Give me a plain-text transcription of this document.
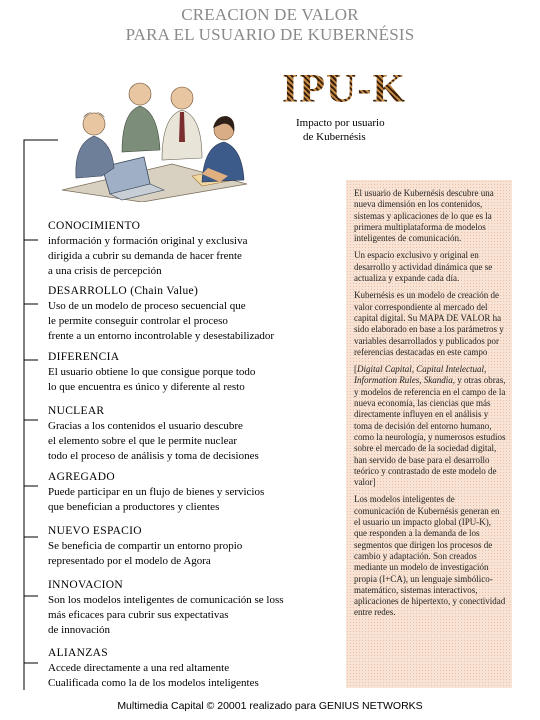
CREACION DE VALOR
PARA EL USUARIO DE KUBERNÉSIS
IPU-K
Impacto por usuario
de Kubernésis
CONOCIMIENTO
información y formación original y exclusiva
dirigida a cubrir su demanda de hacer frente
a una crisis de percepción
DESARROLLO (Chain Value)
Uso de un modelo de proceso secuencial que
le permite conseguir controlar el proceso
frente a un entorno incontrolable y desestabilizador
DIFERENCIA
El usuario obtiene lo que consigue porque todo
lo que encuentra es único y diferente al resto
NUCLEAR
Gracias a los contenidos el usuario descubre
el elemento sobre el que le permite nuclear
todo el proceso de análisis y toma de decisiones
AGREGADO
Puede participar en un flujo de bienes y servicios
que benefician a productores y clientes
NUEVO ESPACIO
Se beneficia de compartir un entorno propio
representado por el modelo de Agora
INNOVACION
Son los modelos inteligentes de comunicación se loss
más eficaces para cubrir sus expectativas
de innovación
ALIANZAS
Accede directamente a una red altamente
Cualificada como la de los modelos inteligentes

El usuario de Kubernésis descubre una nueva dimensión en los contenidos, sistemas y aplicaciones de lo que es la primera multiplataforma de modelos inteligentes de comunicación.

Un espacio exclusivo y original en desarrollo y actividad dinámica que se actualiza y expande cada día.

Kubernésis es un modelo de creación de valor correspondiente al mercado del capital digital. Su MAPA DE VALOR ha sido elaborado en base a los parámetros y variables desarrollados y publicados por referencias destacadas en este campo

[Digital Capital, Capital Intelectual, Information Rules, Skandia, y otras obras, y modelos de referencia en el campo de la nueva economía, las ciencias que más directamente influyen en el análisis y toma de decisión del entorno humano, como la neurología, y numerosos estudios sobre el mercado de la sociedad digital, han servido de base para el desarrollo teórico y contrastado de este modelo de valor]

Los modelos inteligentes de comunicación de Kubernésis generan en el usuario un impacto global (IPU-K), que responden a la demanda de los segmentos que dirigen los procesos de cambio y adaptación. Son creados mediante un modelo de investigación propia (I+CA), un lenguaje simbólico-matemático, sistemas interactivos, aplicaciones de hipertexto, y conectividad entre redes.

Multimedia Capital © 20001 realizado para GENIUS NETWORKS
